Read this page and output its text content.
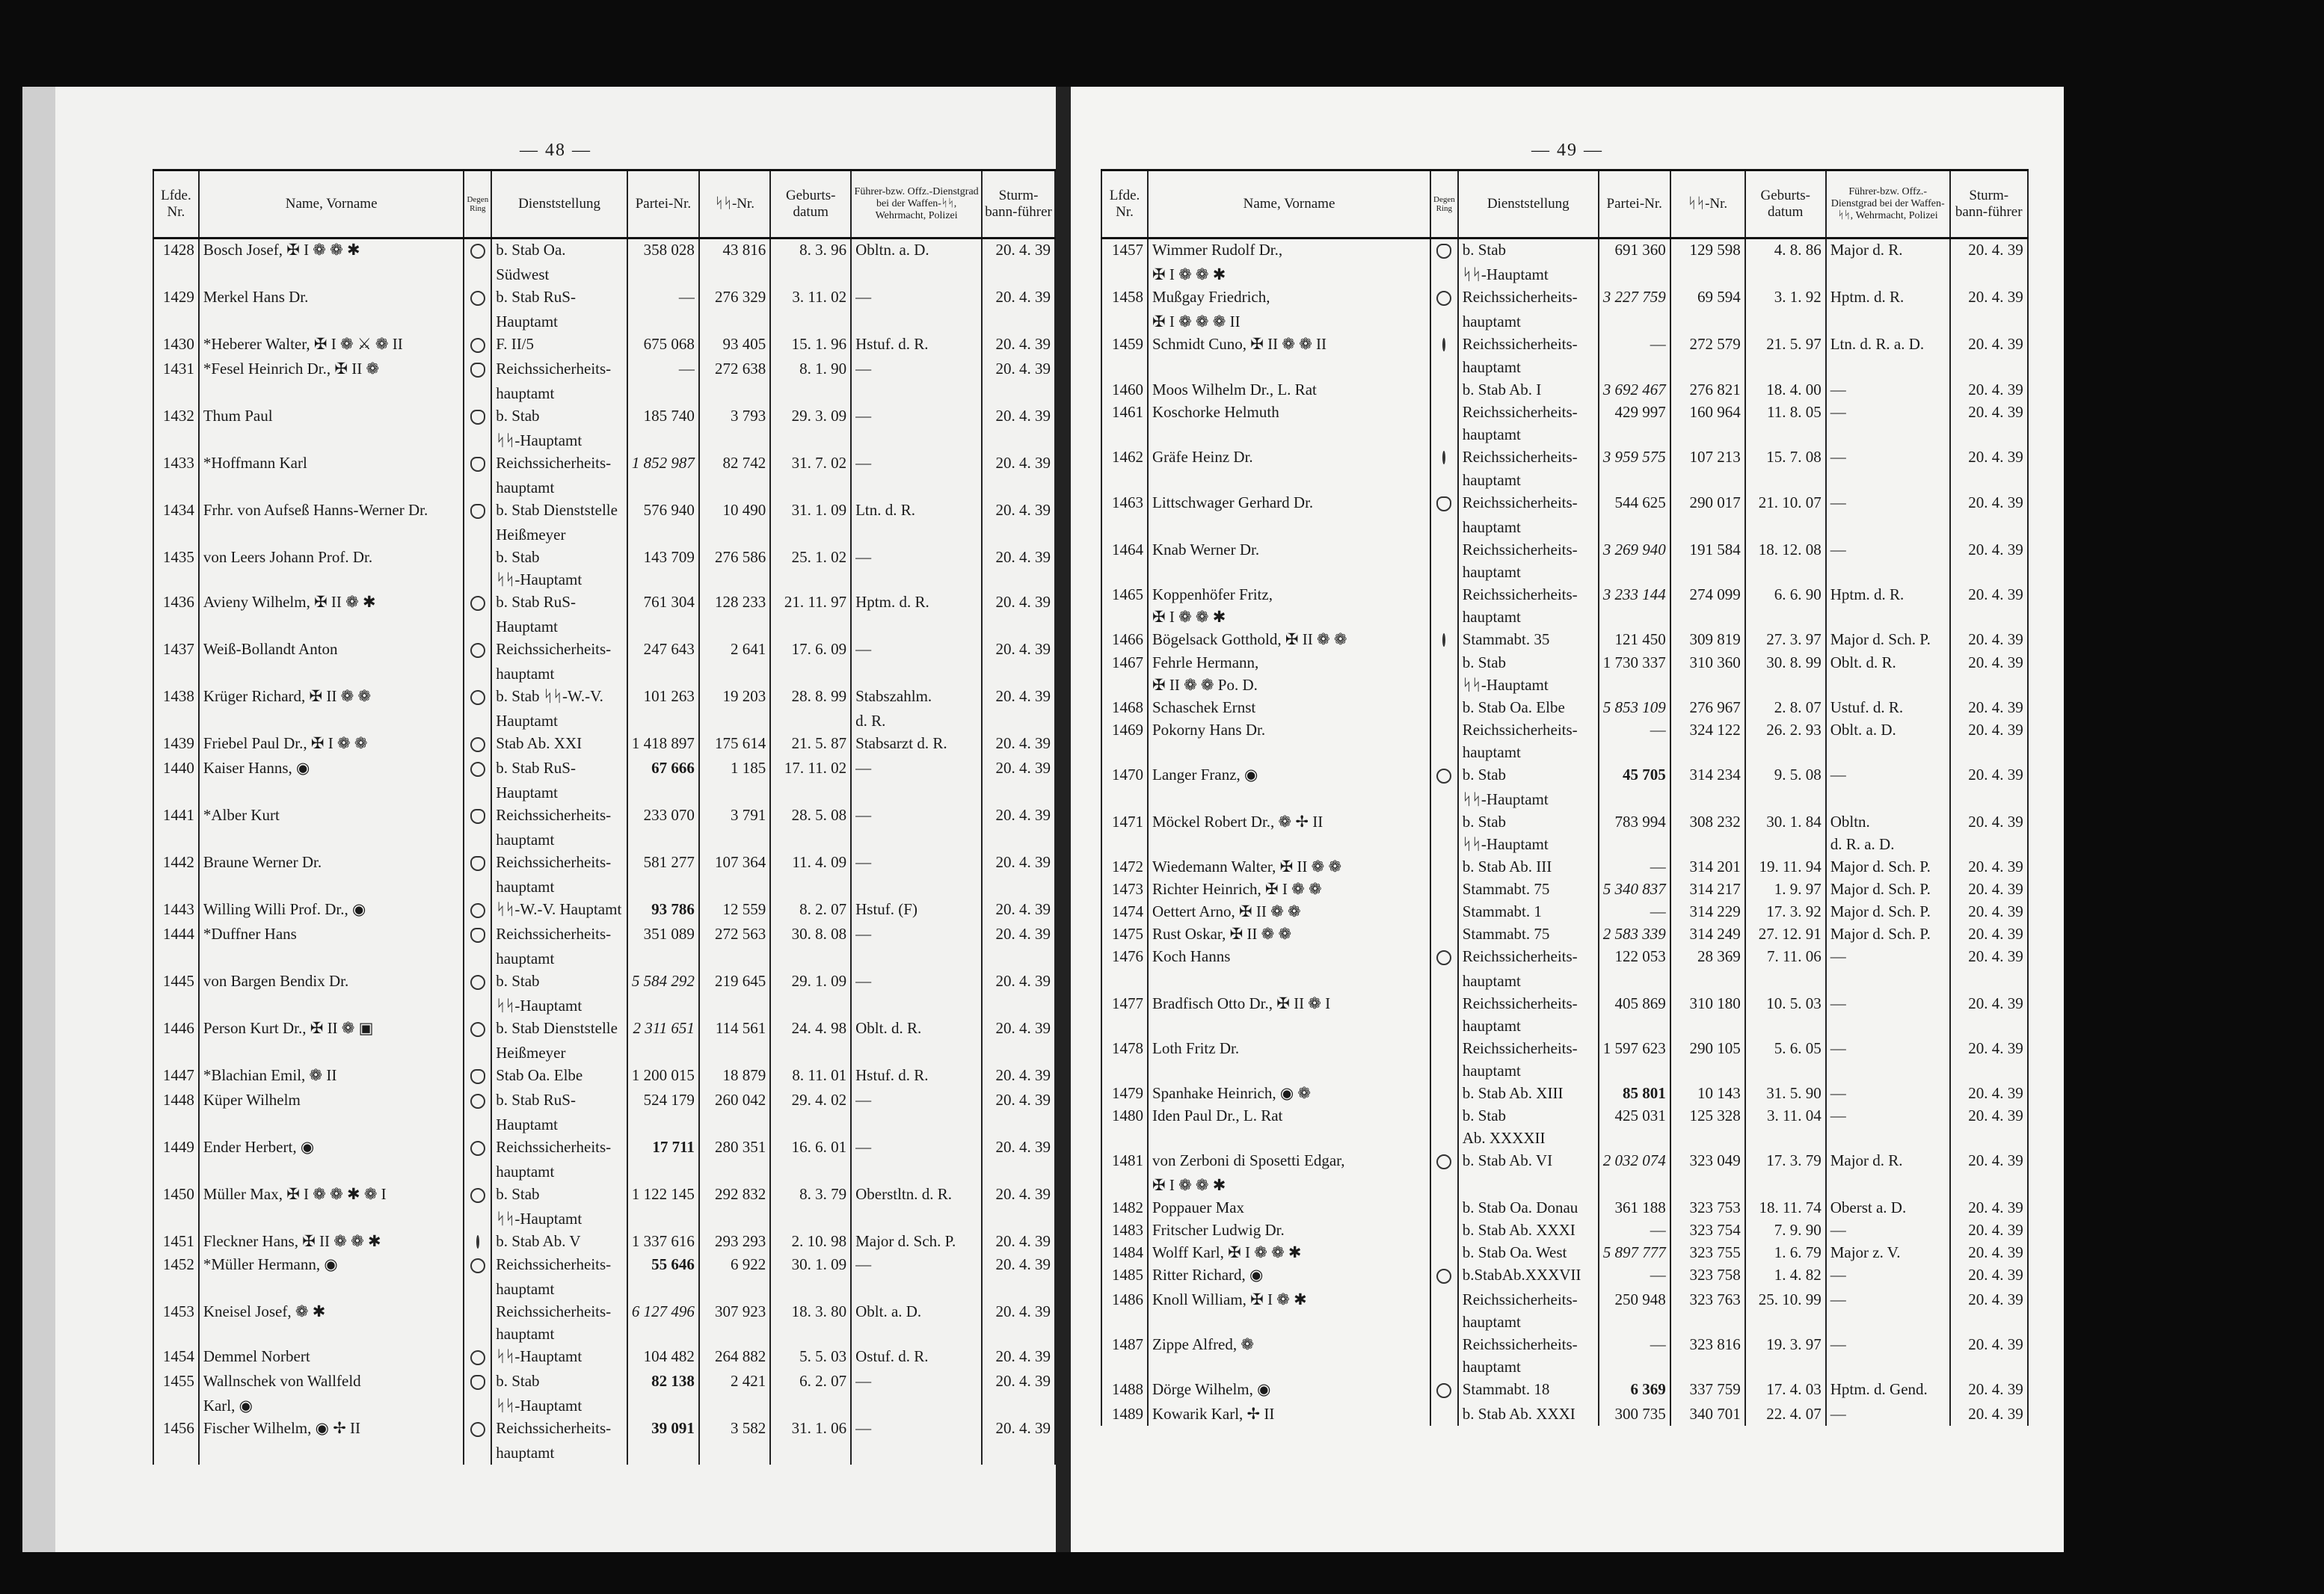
— 48 —
Lfde. Nr.	Name, Vorname	Degen Ring	Dienststellung	Partei-Nr.	ᛋᛋ-Nr.	Geburts-datum	Führer-bzw. Offz.-Dienstgrad bei der Waffen-ᛋᛋ, Wehrmacht, Polizei	Sturm-bann-führer
1428	Bosch Josef, ✠ I ❁ ❁ ✱		b. Stab Oa.	358 028	43 816	8. 3. 96	Obltn. a. D.	20. 4. 39
			Südwest					
1429	Merkel Hans Dr.		b. Stab RuS-	—	276 329	3. 11. 02	—	20. 4. 39
			Hauptamt					
1430	*Heberer Walter, ✠ I ❁ ⚔ ❁ II		F. II/5	675 068	93 405	15. 1. 96	Hstuf. d. R.	20. 4. 39
1431	*Fesel Heinrich Dr., ✠ II ❁		Reichssicherheits-	—	272 638	8. 1. 90	—	20. 4. 39
			hauptamt					
1432	Thum Paul		b. Stab	185 740	3 793	29. 3. 09	—	20. 4. 39
			ᛋᛋ-Hauptamt					
1433	*Hoffmann Karl		Reichssicherheits-	1 852 987	82 742	31. 7. 02	—	20. 4. 39
			hauptamt					
1434	Frhr. von Aufseß Hanns-Werner Dr.		b. Stab Dienststelle	576 940	10 490	31. 1. 09	Ltn. d. R.	20. 4. 39
			Heißmeyer					
1435	von Leers Johann Prof. Dr.		b. Stab	143 709	276 586	25. 1. 02	—	20. 4. 39
			ᛋᛋ-Hauptamt					
1436	Avieny Wilhelm, ✠ II ❁ ✱		b. Stab RuS-	761 304	128 233	21. 11. 97	Hptm. d. R.	20. 4. 39
			Hauptamt					
1437	Weiß-Bollandt Anton		Reichssicherheits-	247 643	2 641	17. 6. 09	—	20. 4. 39
			hauptamt					
1438	Krüger Richard, ✠ II ❁ ❁		b. Stab ᛋᛋ-W.-V.	101 263	19 203	28. 8. 99	Stabszahlm.	20. 4. 39
			Hauptamt				d. R.	
1439	Friebel Paul Dr., ✠ I ❁ ❁		Stab Ab. XXI	1 418 897	175 614	21. 5. 87	Stabsarzt d. R.	20. 4. 39
1440	Kaiser Hanns, ◉		b. Stab RuS-	67 666	1 185	17. 11. 02	—	20. 4. 39
			Hauptamt					
1441	*Alber Kurt		Reichssicherheits-	233 070	3 791	28. 5. 08	—	20. 4. 39
			hauptamt					
1442	Braune Werner Dr.		Reichssicherheits-	581 277	107 364	11. 4. 09	—	20. 4. 39
			hauptamt					
1443	Willing Willi Prof. Dr., ◉		ᛋᛋ-W.-V. Hauptamt	93 786	12 559	8. 2. 07	Hstuf. (F)	20. 4. 39
1444	*Duffner Hans		Reichssicherheits-	351 089	272 563	30. 8. 08	—	20. 4. 39
			hauptamt					
1445	von Bargen Bendix Dr.		b. Stab	5 584 292	219 645	29. 1. 09	—	20. 4. 39
			ᛋᛋ-Hauptamt					
1446	Person Kurt Dr., ✠ II ❁ ▣		b. Stab Dienststelle	2 311 651	114 561	24. 4. 98	Oblt. d. R.	20. 4. 39
			Heißmeyer					
1447	*Blachian Emil, ❁ II		Stab Oa. Elbe	1 200 015	18 879	8. 11. 01	Hstuf. d. R.	20. 4. 39
1448	Küper Wilhelm		b. Stab RuS-	524 179	260 042	29. 4. 02	—	20. 4. 39
			Hauptamt					
1449	Ender Herbert, ◉		Reichssicherheits-	17 711	280 351	16. 6. 01	—	20. 4. 39
			hauptamt					
1450	Müller Max, ✠ I ❁ ❁ ✱ ❁ I		b. Stab	1 122 145	292 832	8. 3. 79	Oberstltn. d. R.	20. 4. 39
			ᛋᛋ-Hauptamt					
1451	Fleckner Hans, ✠ II ❁ ❁ ✱		b. Stab Ab. V	1 337 616	293 293	2. 10. 98	Major d. Sch. P.	20. 4. 39
1452	*Müller Hermann, ◉		Reichssicherheits-	55 646	6 922	30. 1. 09	—	20. 4. 39
			hauptamt					
1453	Kneisel Josef, ❁ ✱		Reichssicherheits-	6 127 496	307 923	18. 3. 80	Oblt. a. D.	20. 4. 39
			hauptamt					
1454	Demmel Norbert		ᛋᛋ-Hauptamt	104 482	264 882	5. 5. 03	Ostuf. d. R.	20. 4. 39
1455	Wallnschek von Wallfeld		b. Stab	82 138	2 421	6. 2. 07	—	20. 4. 39
	Karl, ◉		ᛋᛋ-Hauptamt					
1456	Fischer Wilhelm, ◉ ✢ II		Reichssicherheits-	39 091	3 582	31. 1. 06	—	20. 4. 39
			hauptamt					
— 49 —
Lfde. Nr.	Name, Vorname	Degen Ring	Dienststellung	Partei-Nr.	ᛋᛋ-Nr.	Geburts-datum	Führer-bzw. Offz.-Dienstgrad bei der Waffen-ᛋᛋ, Wehrmacht, Polizei	Sturm-bann-führer
1457	Wimmer Rudolf Dr.,		b. Stab	691 360	129 598	4. 8. 86	Major d. R.	20. 4. 39
	✠ I ❁ ❁ ✱		ᛋᛋ-Hauptamt					
1458	Mußgay Friedrich,		Reichssicherheits-	3 227 759	69 594	3. 1. 92	Hptm. d. R.	20. 4. 39
	✠ I ❁ ❁ ❁ II		hauptamt					
1459	Schmidt Cuno, ✠ II ❁ ❁ II		Reichssicherheits-	—	272 579	21. 5. 97	Ltn. d. R. a. D.	20. 4. 39
			hauptamt					
1460	Moos Wilhelm Dr., L. Rat		b. Stab Ab. I	3 692 467	276 821	18. 4. 00	—	20. 4. 39
1461	Koschorke Helmuth		Reichssicherheits-	429 997	160 964	11. 8. 05	—	20. 4. 39
			hauptamt					
1462	Gräfe Heinz Dr.		Reichssicherheits-	3 959 575	107 213	15. 7. 08	—	20. 4. 39
			hauptamt					
1463	Littschwager Gerhard Dr.		Reichssicherheits-	544 625	290 017	21. 10. 07	—	20. 4. 39
			hauptamt					
1464	Knab Werner Dr.		Reichssicherheits-	3 269 940	191 584	18. 12. 08	—	20. 4. 39
			hauptamt					
1465	Koppenhöfer Fritz,		Reichssicherheits-	3 233 144	274 099	6. 6. 90	Hptm. d. R.	20. 4. 39
	✠ I ❁ ❁ ✱		hauptamt					
1466	Bögelsack Gotthold, ✠ II ❁ ❁		Stammabt. 35	121 450	309 819	27. 3. 97	Major d. Sch. P.	20. 4. 39
1467	Fehrle Hermann,		b. Stab	1 730 337	310 360	30. 8. 99	Oblt. d. R.	20. 4. 39
	✠ II ❁ ❁ Po. D.		ᛋᛋ-Hauptamt					
1468	Schaschek Ernst		b. Stab Oa. Elbe	5 853 109	276 967	2. 8. 07	Ustuf. d. R.	20. 4. 39
1469	Pokorny Hans Dr.		Reichssicherheits-	—	324 122	26. 2. 93	Oblt. a. D.	20. 4. 39
			hauptamt					
1470	Langer Franz, ◉		b. Stab	45 705	314 234	9. 5. 08	—	20. 4. 39
			ᛋᛋ-Hauptamt					
1471	Möckel Robert Dr., ❁ ✢ II		b. Stab	783 994	308 232	30. 1. 84	Obltn.	20. 4. 39
			ᛋᛋ-Hauptamt				d. R. a. D.	
1472	Wiedemann Walter, ✠ II ❁ ❁		b. Stab Ab. III	—	314 201	19. 11. 94	Major d. Sch. P.	20. 4. 39
1473	Richter Heinrich, ✠ I ❁ ❁		Stammabt. 75	5 340 837	314 217	1. 9. 97	Major d. Sch. P.	20. 4. 39
1474	Oettert Arno, ✠ II ❁ ❁		Stammabt. 1	—	314 229	17. 3. 92	Major d. Sch. P.	20. 4. 39
1475	Rust Oskar, ✠ II ❁ ❁		Stammabt. 75	2 583 339	314 249	27. 12. 91	Major d. Sch. P.	20. 4. 39
1476	Koch Hanns		Reichssicherheits-	122 053	28 369	7. 11. 06	—	20. 4. 39
			hauptamt					
1477	Bradfisch Otto Dr., ✠ II ❁ I		Reichssicherheits-	405 869	310 180	10. 5. 03	—	20. 4. 39
			hauptamt					
1478	Loth Fritz Dr.		Reichssicherheits-	1 597 623	290 105	5. 6. 05	—	20. 4. 39
			hauptamt					
1479	Spanhake Heinrich, ◉ ❁		b. Stab Ab. XIII	85 801	10 143	31. 5. 90	—	20. 4. 39
1480	Iden Paul Dr., L. Rat		b. Stab	425 031	125 328	3. 11. 04	—	20. 4. 39
			Ab. XXXXII					
1481	von Zerboni di Sposetti Edgar,		b. Stab Ab. VI	2 032 074	323 049	17. 3. 79	Major d. R.	20. 4. 39
	✠ I ❁ ❁ ✱							
1482	Poppauer Max		b. Stab Oa. Donau	361 188	323 753	18. 11. 74	Oberst a. D.	20. 4. 39
1483	Fritscher Ludwig Dr.		b. Stab Ab. XXXI	—	323 754	7. 9. 90	—	20. 4. 39
1484	Wolff Karl, ✠ I ❁ ❁ ✱		b. Stab Oa. West	5 897 777	323 755	1. 6. 79	Major z. V.	20. 4. 39
1485	Ritter Richard, ◉		b.StabAb.XXXVII	—	323 758	1. 4. 82	—	20. 4. 39
1486	Knoll William, ✠ I ❁ ✱		Reichssicherheits-	250 948	323 763	25. 10. 99	—	20. 4. 39
			hauptamt					
1487	Zippe Alfred, ❁		Reichssicherheits-	—	323 816	19. 3. 97	—	20. 4. 39
			hauptamt					
1488	Dörge Wilhelm, ◉		Stammabt. 18	6 369	337 759	17. 4. 03	Hptm. d. Gend.	20. 4. 39
1489	Kowarik Karl, ✢ II		b. Stab Ab. XXXI	300 735	340 701	22. 4. 07	—	20. 4. 39
